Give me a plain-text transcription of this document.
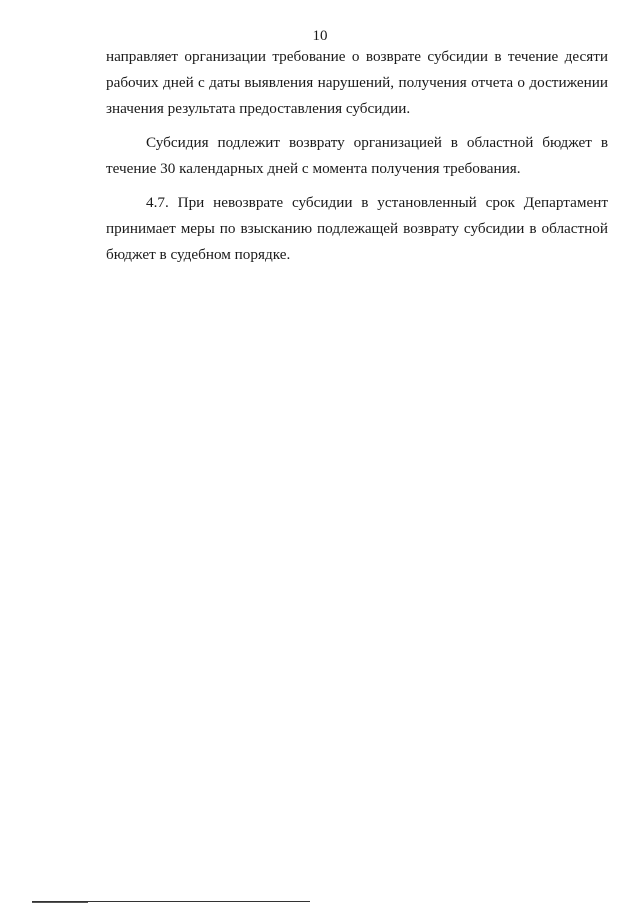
10

направляет организации требование о возврате субсидии в течение десяти рабочих дней с даты выявления нарушений, получения отчета о достижении значения результата предоставления субсидии.

Субсидия подлежит возврату организацией в областной бюджет в течение 30 календарных дней с момента получения требования.

4.7. При невозврате субсидии в установленный срок Департамент принимает меры по взысканию подлежащей возврату субсидии в областной бюджет в судебном порядке.
